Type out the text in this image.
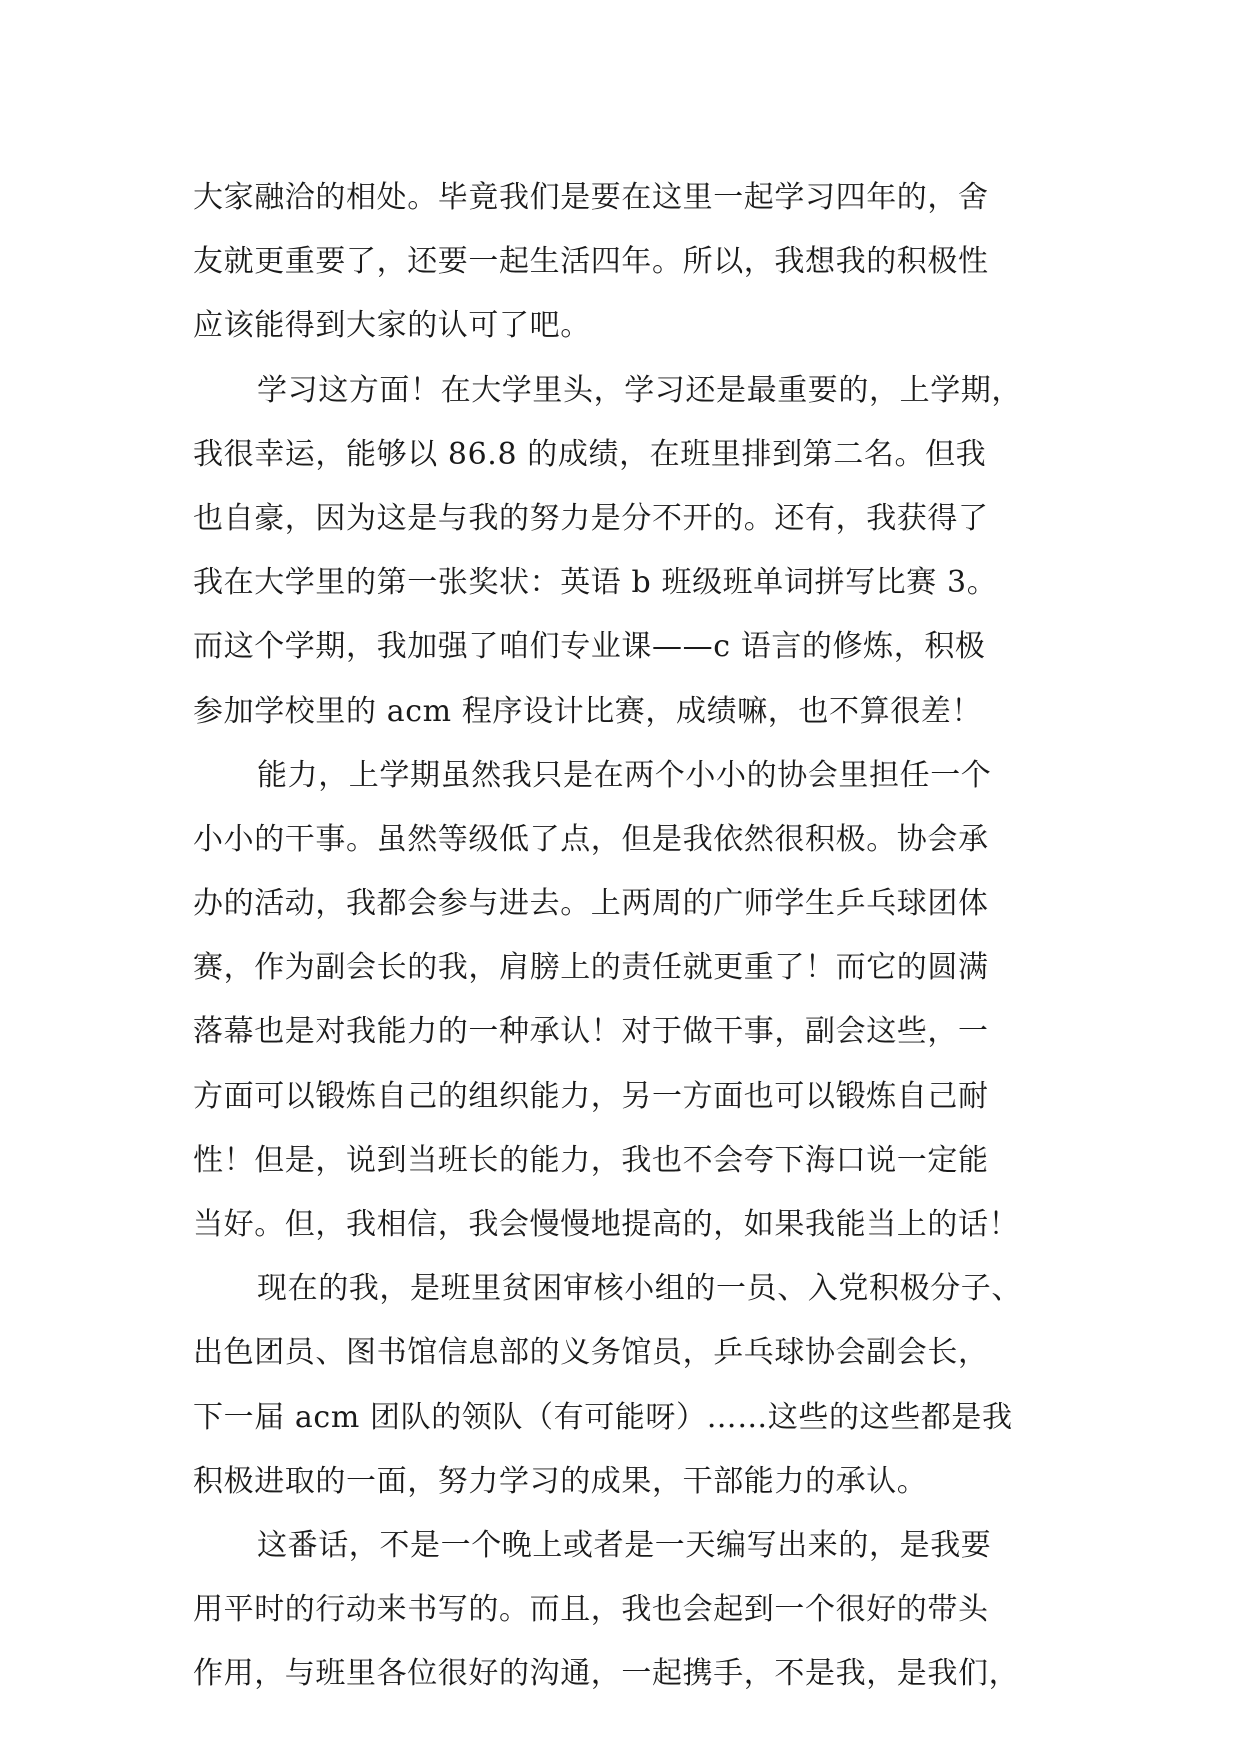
大家融洽的相处。毕竟我们是要在这里一起学习四年的，舍
友就更重要了，还要一起生活四年。所以，我想我的积极性
应该能得到大家的认可了吧。
学习这方面！在大学里头，学习还是最重要的，上学期，
我很幸运，能够以 86.8 的成绩，在班里排到第二名。但我
也自豪，因为这是与我的努力是分不开的。还有，我获得了
我在大学里的第一张奖状：英语 b 班级班单词拼写比赛 3。
而这个学期，我加强了咱们专业课——c 语言的修炼，积极
参加学校里的 acm 程序设计比赛，成绩嘛，也不算很差！
能力，上学期虽然我只是在两个小小的协会里担任一个
小小的干事。虽然等级低了点，但是我依然很积极。协会承
办的活动，我都会参与进去。上两周的广师学生乒乓球团体
赛，作为副会长的我，肩膀上的责任就更重了！而它的圆满
落幕也是对我能力的一种承认！对于做干事，副会这些，一
方面可以锻炼自己的组织能力，另一方面也可以锻炼自己耐
性！但是，说到当班长的能力，我也不会夸下海口说一定能
当好。但，我相信，我会慢慢地提高的，如果我能当上的话！
现在的我，是班里贫困审核小组的一员、入党积极分子、
出色团员、图书馆信息部的义务馆员，乒乓球协会副会长，
下一届 acm 团队的领队（有可能呀）……这些的这些都是我
积极进取的一面，努力学习的成果，干部能力的承认。
这番话，不是一个晚上或者是一天编写出来的，是我要
用平时的行动来书写的。而且，我也会起到一个很好的带头
作用，与班里各位很好的沟通，一起携手，不是我，是我们，
